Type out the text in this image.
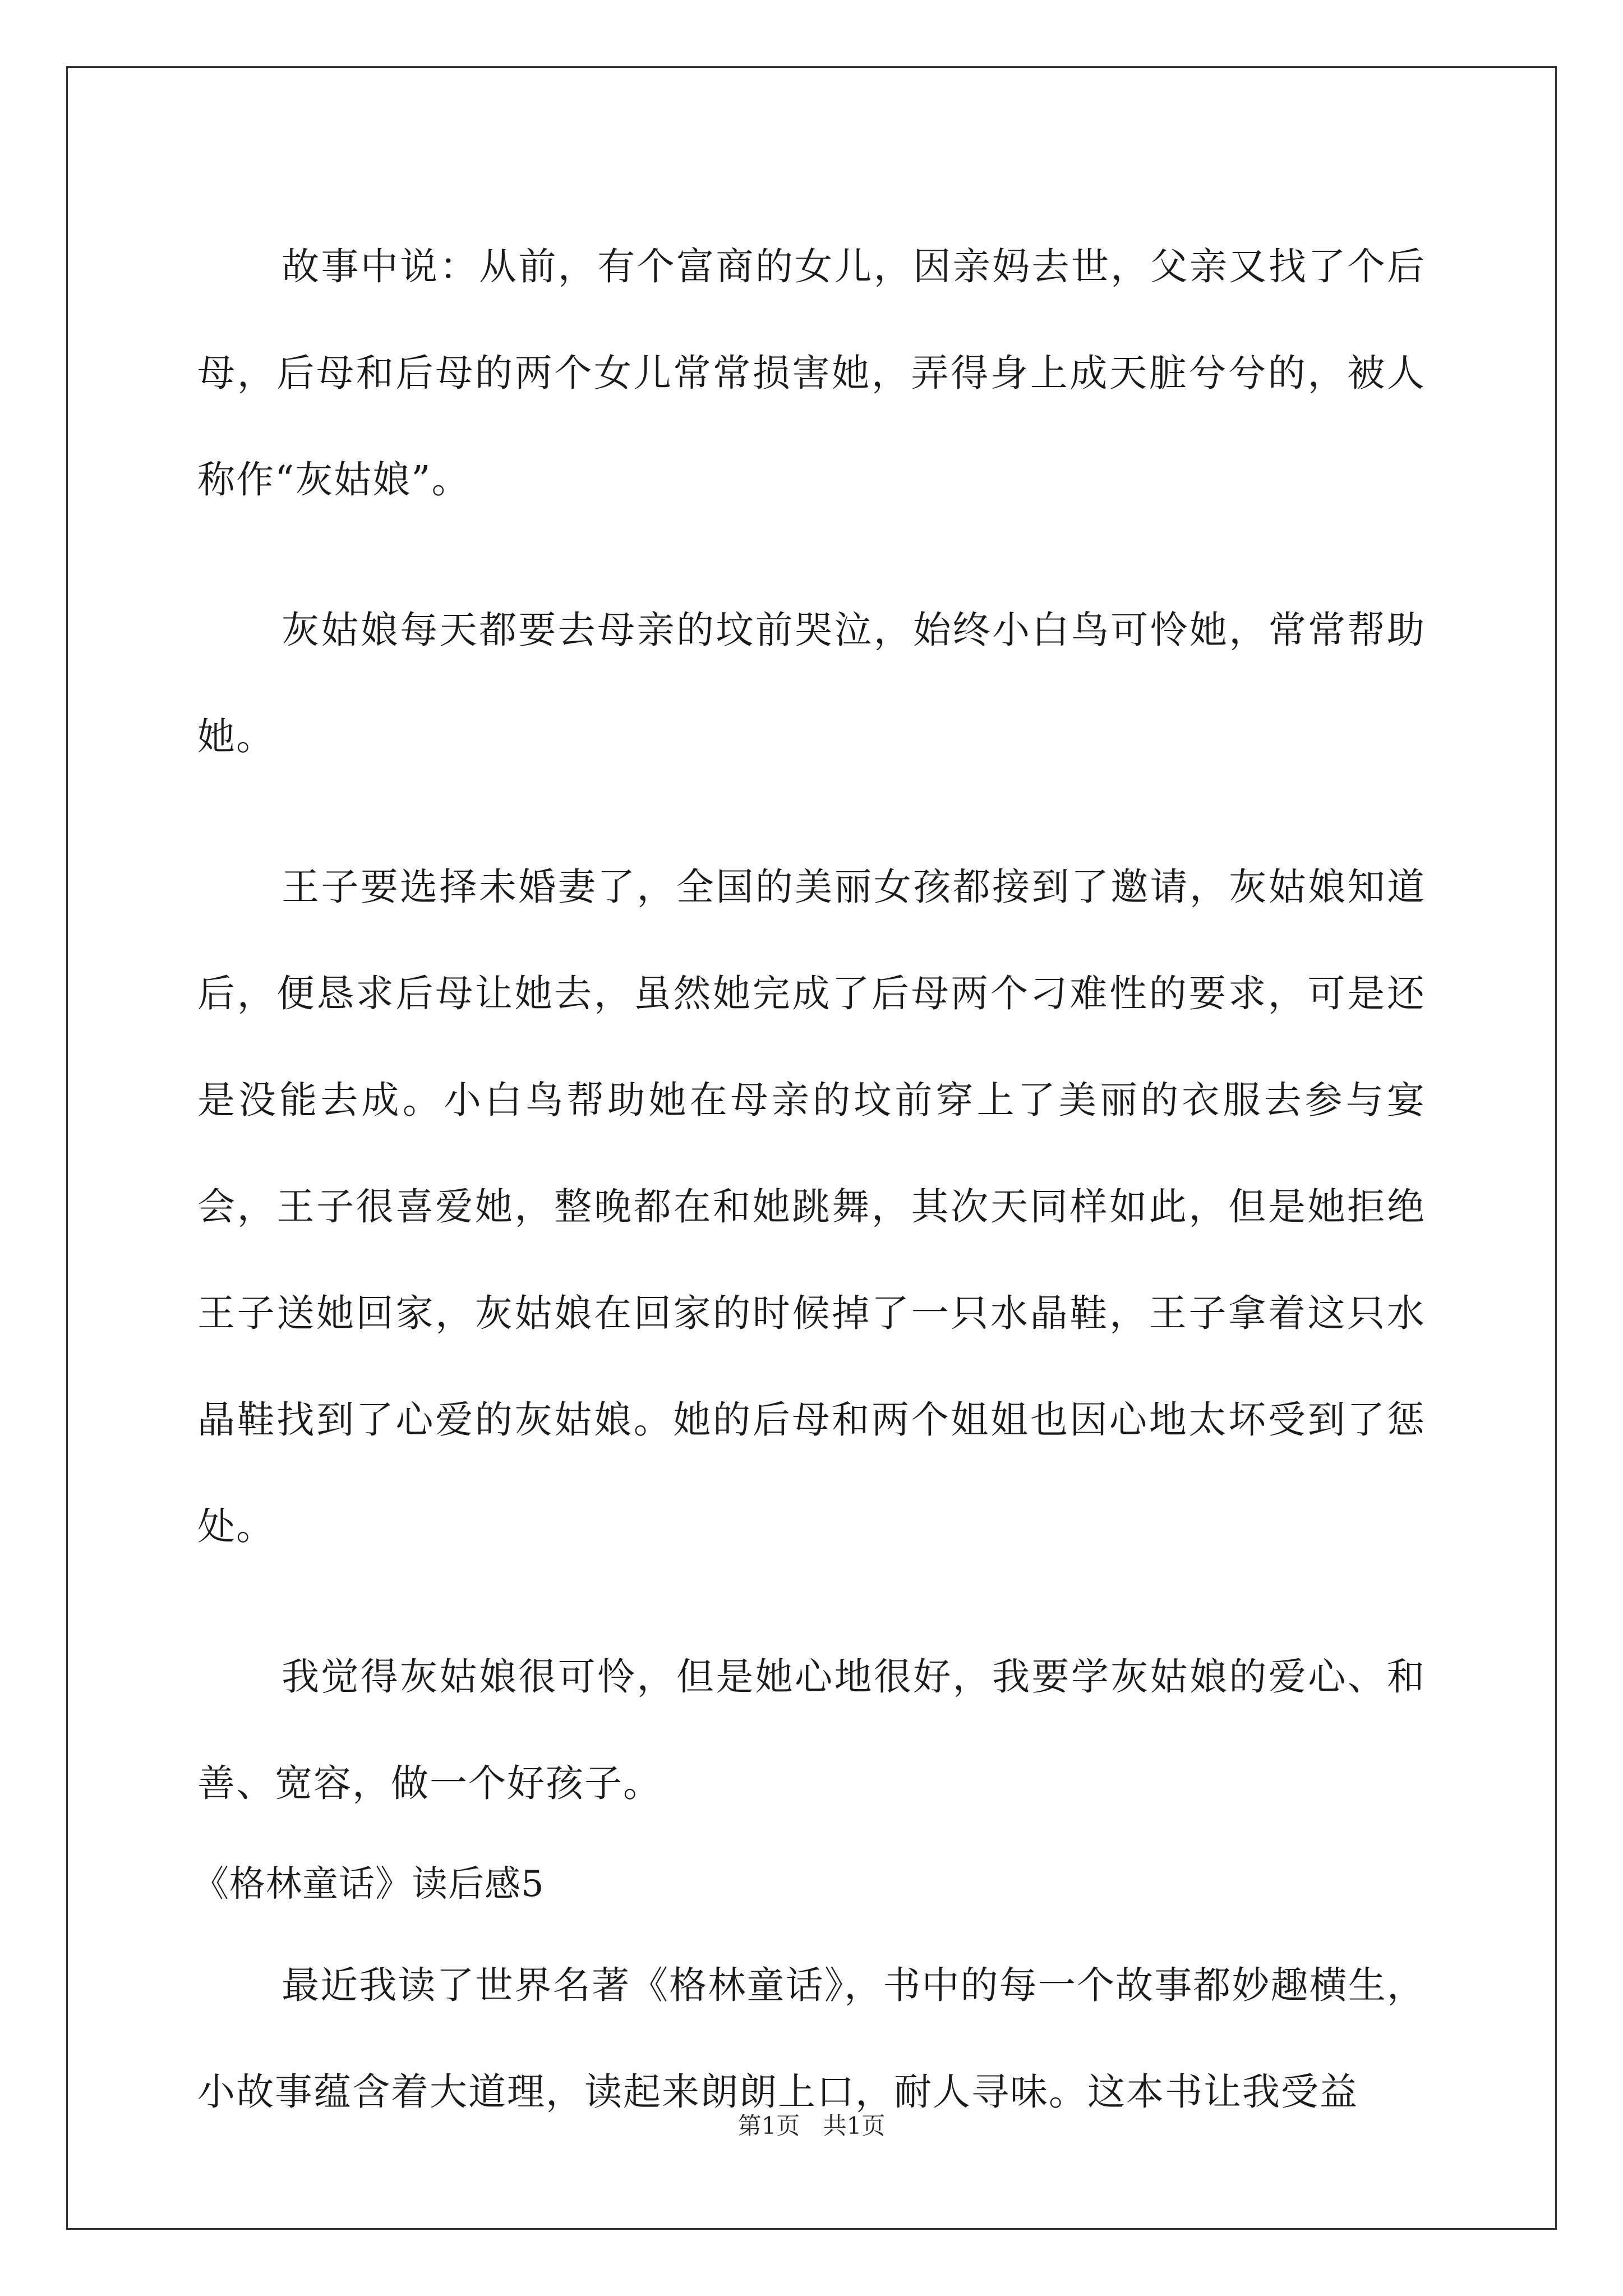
故事中说：从前，有个富商的女儿，因亲妈去世，父亲又找了个后母，后母和后母的两个女儿常常损害她，弄得身上成天脏兮兮的，被人称作“灰姑娘”。

灰姑娘每天都要去母亲的坟前哭泣，始终小白鸟可怜她，常常帮助她。

王子要选择未婚妻了，全国的美丽女孩都接到了邀请，灰姑娘知道后，便恳求后母让她去，虽然她完成了后母两个刁难性的要求，可是还是没能去成。小白鸟帮助她在母亲的坟前穿上了美丽的衣服去参与宴会，王子很喜爱她，整晚都在和她跳舞，其次天同样如此，但是她拒绝王子送她回家，灰姑娘在回家的时候掉了一只水晶鞋，王子拿着这只水晶鞋找到了心爱的灰姑娘。她的后母和两个姐姐也因心地太坏受到了惩处。

我觉得灰姑娘很可怜，但是她心地很好，我要学灰姑娘的爱心、和善、宽容，做一个好孩子。

《格林童话》读后感5

最近我读了世界名著《格林童话》，书中的每一个故事都妙趣横生，小故事蕴含着大道理，读起来朗朗上口，耐人寻味。这本书让我受益

第1页 共1页
